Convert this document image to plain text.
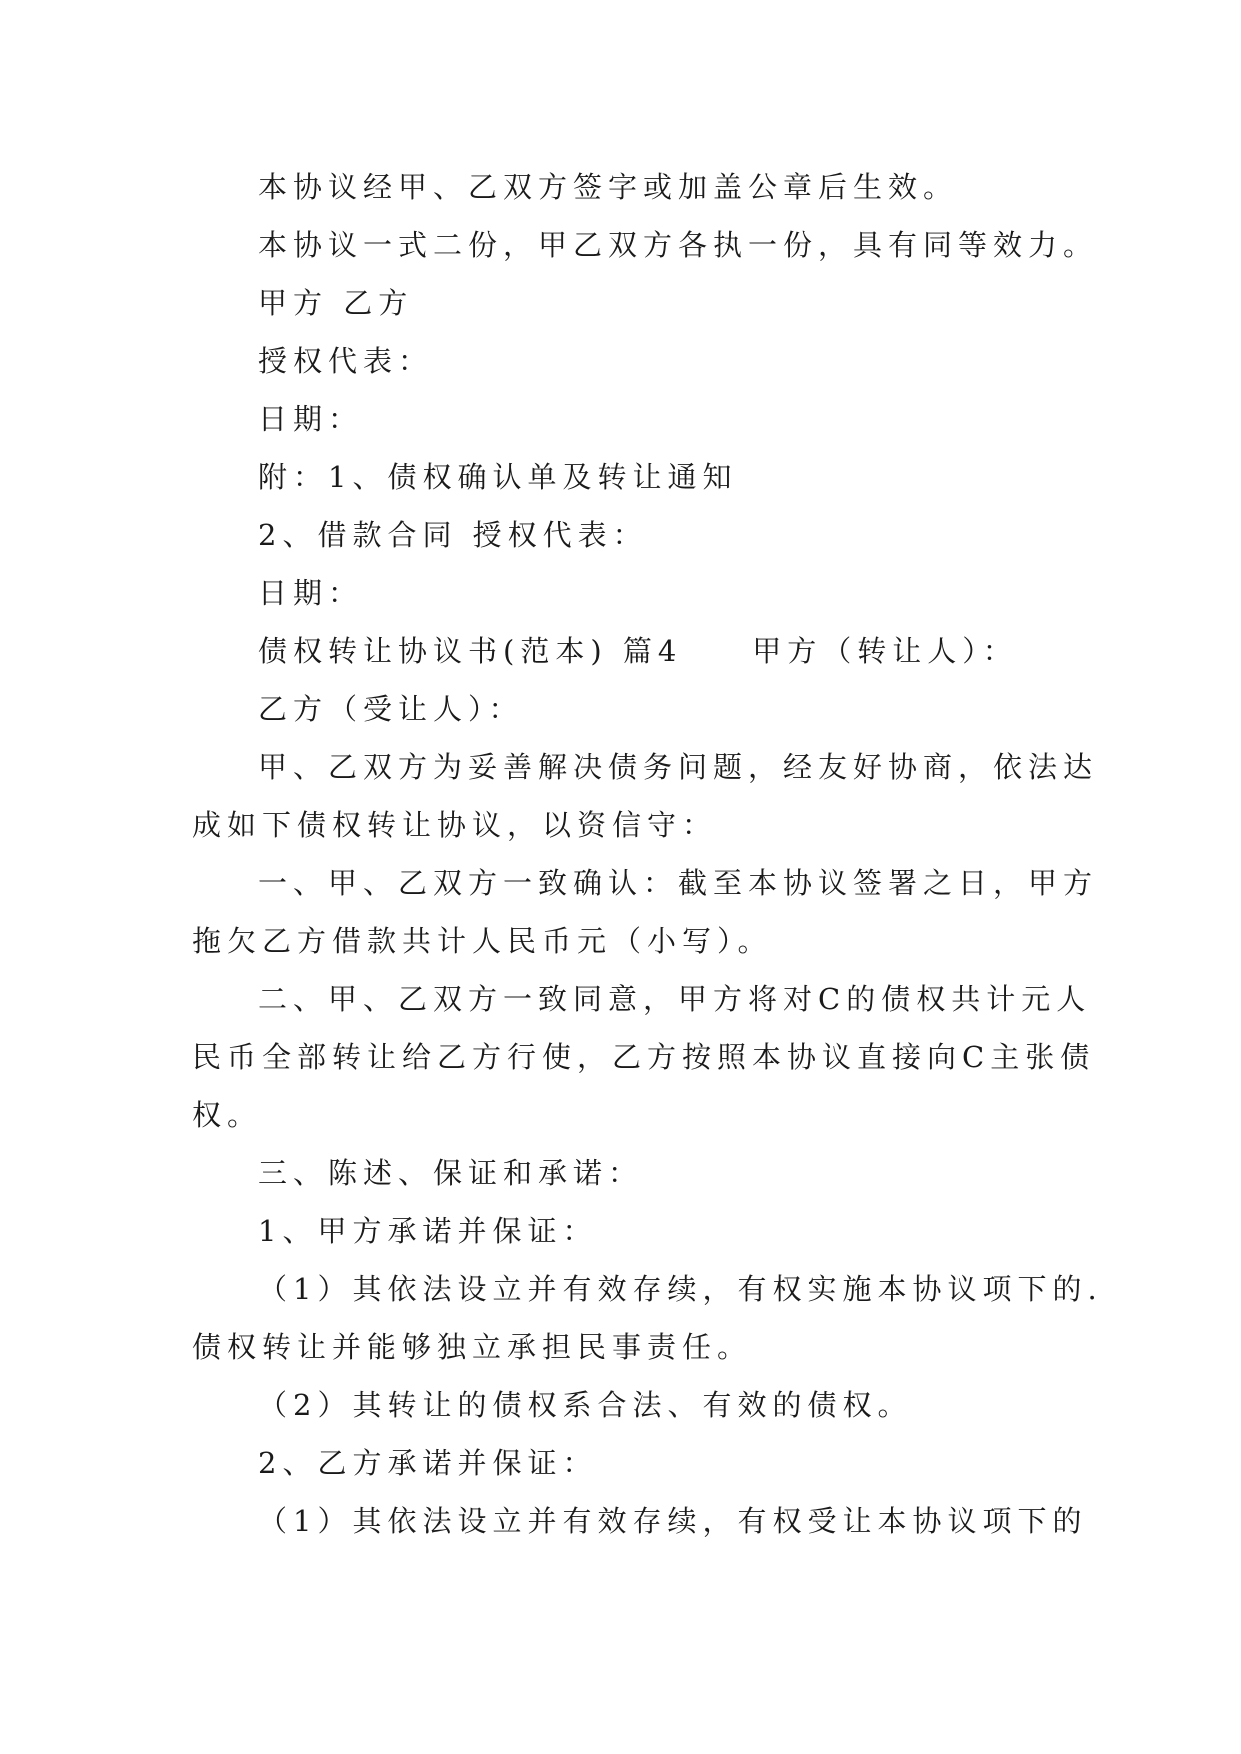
本协议经甲、乙双方签字或加盖公章后生效。
本协议一式二份，甲乙双方各执一份，具有同等效力。
甲方 乙方
授权代表：
日期：
附：1、债权确认单及转让通知
2、借款合同 授权代表：
日期：
债权转让协议书(范本) 篇4　　甲方（转让人）：
乙方（受让人）：
甲、乙双方为妥善解决债务问题，经友好协商，依法达
成如下债权转让协议，以资信守：
一、甲、乙双方一致确认：截至本协议签署之日，甲方
拖欠乙方借款共计人民币元（小写）。
二、甲、乙双方一致同意，甲方将对C的债权共计元人
民币全部转让给乙方行使，乙方按照本协议直接向C主张债
权。
三、陈述、保证和承诺：
1、甲方承诺并保证：
（1）其依法设立并有效存续，有权实施本协议项下的.
债权转让并能够独立承担民事责任。
（2）其转让的债权系合法、有效的债权。
2、乙方承诺并保证：
（1）其依法设立并有效存续，有权受让本协议项下的
